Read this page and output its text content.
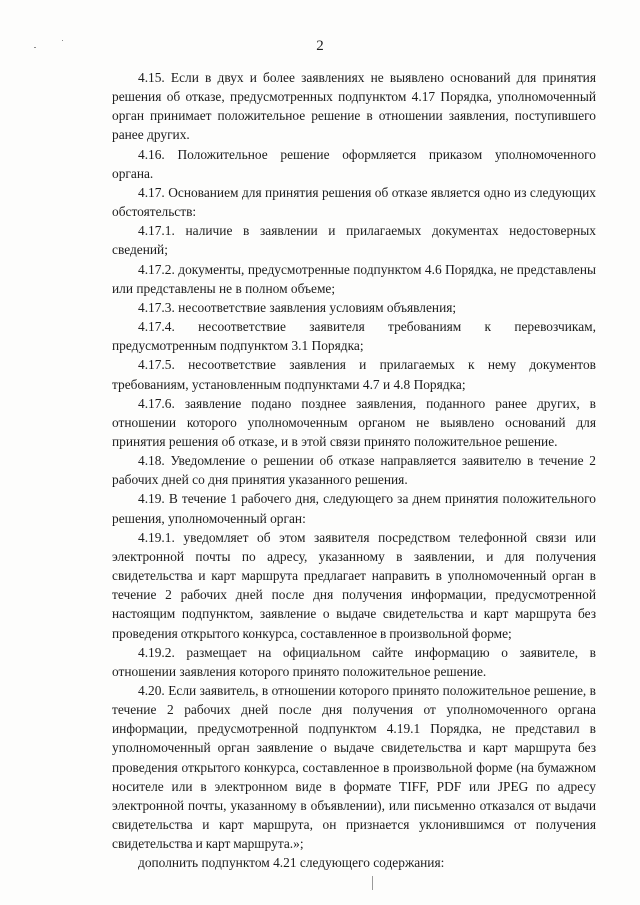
2

4.15. Если в двух и более заявлениях не выявлено оснований для принятия решения об отказе, предусмотренных подпунктом 4.17 Порядка, уполномоченный орган принимает положительное решение в отношении заявления, поступившего ранее других.

4.16. Положительное решение оформляется приказом уполномоченного органа.

4.17. Основанием для принятия решения об отказе является одно из следующих обстоятельств:

4.17.1. наличие в заявлении и прилагаемых документах недостоверных сведений;

4.17.2. документы, предусмотренные подпунктом 4.6 Порядка, не представлены или представлены не в полном объеме;

4.17.3. несоответствие заявления условиям объявления;

4.17.4. несоответствие заявителя требованиям к перевозчикам, предусмотренным подпунктом 3.1 Порядка;

4.17.5. несоответствие заявления и прилагаемых к нему документов требованиям, установленным подпунктами 4.7 и 4.8 Порядка;

4.17.6. заявление подано позднее заявления, поданного ранее других, в отношении которого уполномоченным органом не выявлено оснований для принятия решения об отказе, и в этой связи принято положительное решение.

4.18. Уведомление о решении об отказе направляется заявителю в течение 2 рабочих дней со дня принятия указанного решения.

4.19. В течение 1 рабочего дня, следующего за днем принятия положительного решения, уполномоченный орган:

4.19.1. уведомляет об этом заявителя посредством телефонной связи или электронной почты по адресу, указанному в заявлении, и для получения свидетельства и карт маршрута предлагает направить в уполномоченный орган в течение 2 рабочих дней после дня получения информации, предусмотренной настоящим подпунктом, заявление о выдаче свидетельства и карт маршрута без проведения открытого конкурса, составленное в произвольной форме;

4.19.2. размещает на официальном сайте информацию о заявителе, в отношении заявления которого принято положительное решение.

4.20. Если заявитель, в отношении которого принято положительное решение, в течение 2 рабочих дней после дня получения от уполномоченного органа информации, предусмотренной подпунктом 4.19.1 Порядка, не представил в уполномоченный орган заявление о выдаче свидетельства и карт маршрута без проведения открытого конкурса, составленное в произвольной форме (на бумажном носителе или в электронном виде в формате TIFF, PDF или JPEG по адресу электронной почты, указанному в объявлении), или письменно отказался от выдачи свидетельства и карт маршрута, он признается уклонившимся от получения свидетельства и карт маршрута.»;

дополнить подпунктом 4.21 следующего содержания:
